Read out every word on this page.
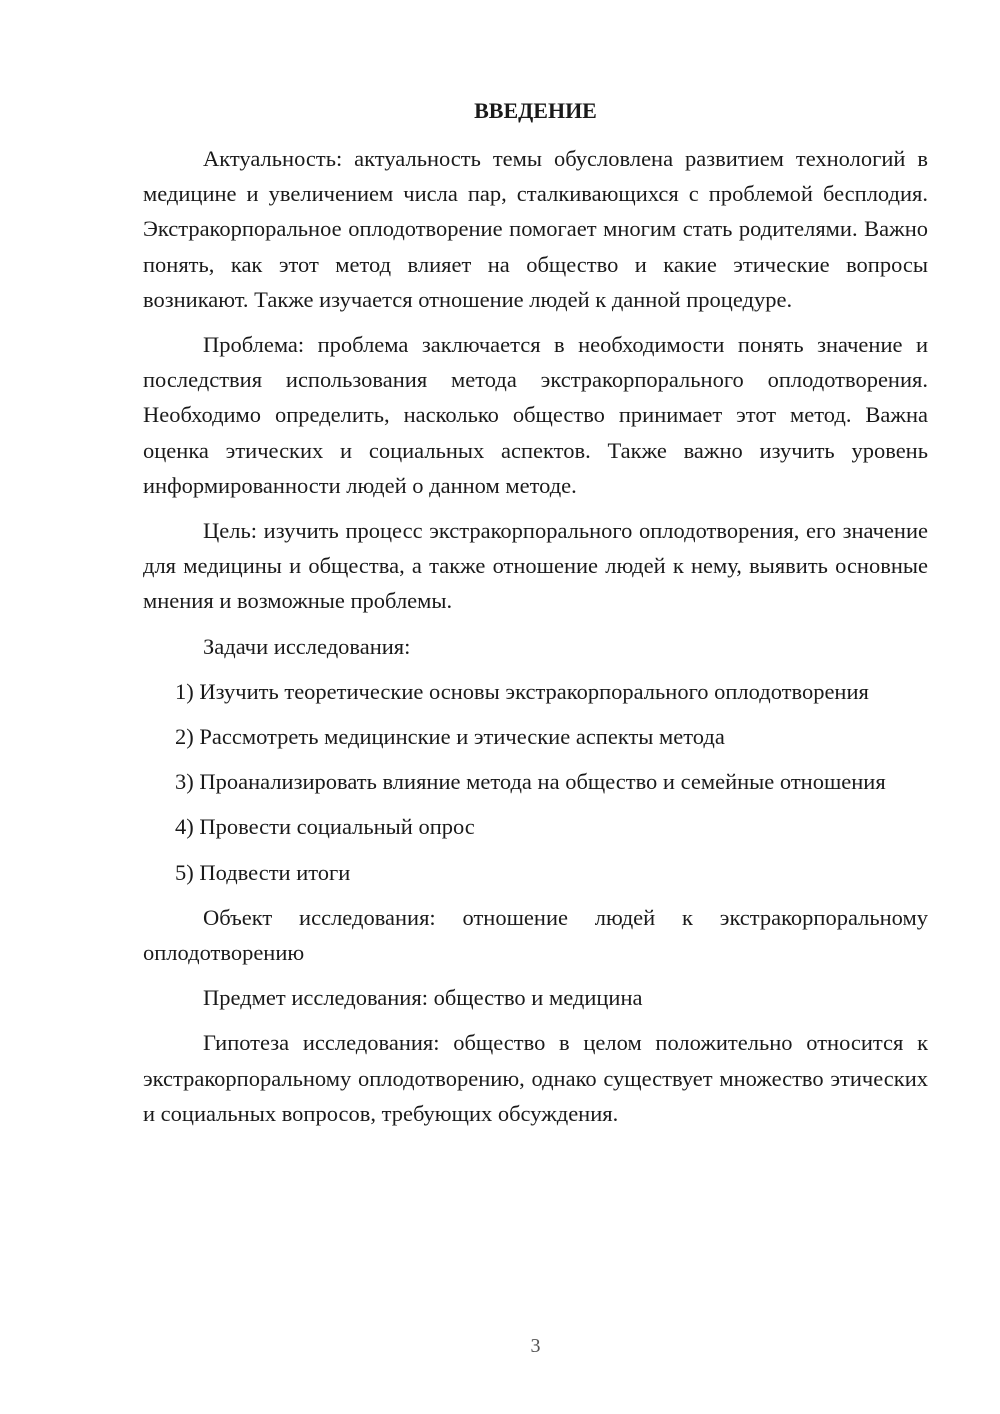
ВВЕДЕНИЕ

Актуальность: актуальность темы обусловлена развитием технологий в медицине и увеличением числа пар, сталкивающихся с проблемой бесплодия. Экстракорпоральное оплодотворение помогает многим стать родителями. Важно понять, как этот метод влияет на общество и какие этические вопросы возникают. Также изучается отношение людей к данной процедуре.

Проблема: проблема заключается в необходимости понять значение и последствия использования метода экстракорпорального оплодотворения. Необходимо определить, насколько общество принимает этот метод. Важна оценка этических и социальных аспектов. Также важно изучить уровень информированности людей о данном методе.

Цель: изучить процесс экстракорпорального оплодотворения, его значение для медицины и общества, а также отношение людей к нему, выявить основные мнения и возможные проблемы.

Задачи исследования:

1) Изучить теоретические основы экстракорпорального оплодотворения

2) Рассмотреть медицинские и этические аспекты метода

3) Проанализировать влияние метода на общество и семейные отношения

4) Провести социальный опрос

5) Подвести итоги

Объект исследования: отношение людей к экстракорпоральному оплодотворению

Предмет исследования: общество и медицина

Гипотеза исследования: общество в целом положительно относится к экстракорпоральному оплодотворению, однако существует множество этических и социальных вопросов, требующих обсуждения.

3
